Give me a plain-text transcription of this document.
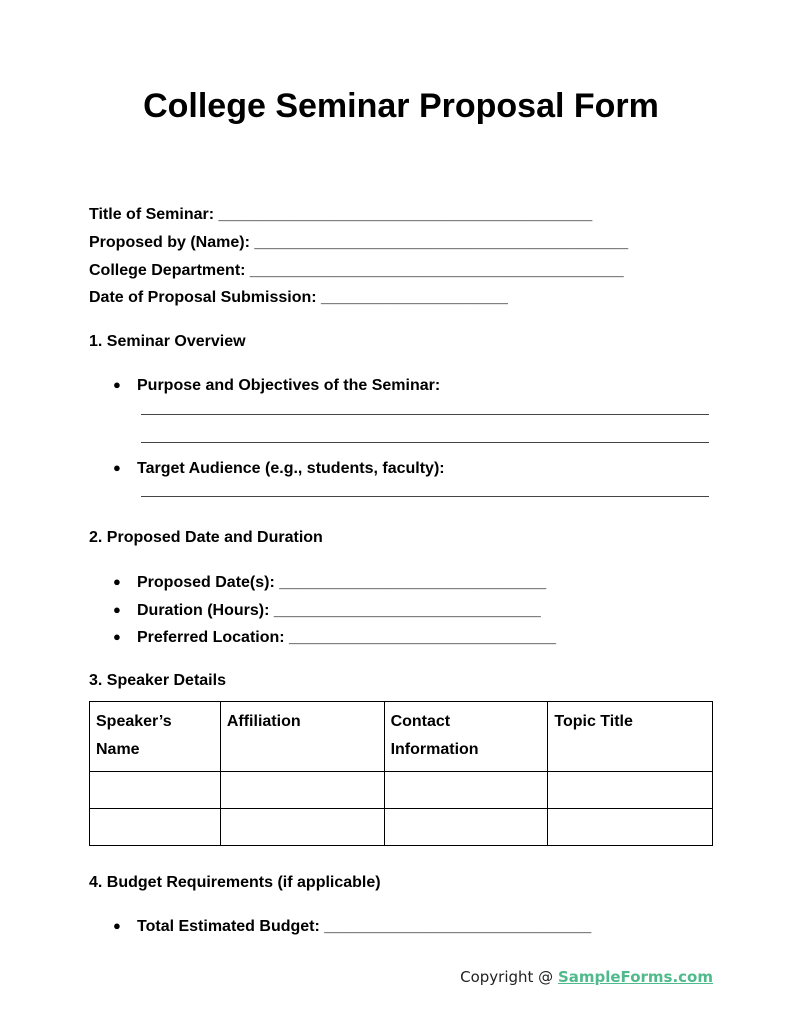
College Seminar Proposal Form
Title of Seminar: __________________________________________
Proposed by (Name): __________________________________________
College Department: __________________________________________
Date of Proposal Submission: _____________________
1. Seminar Overview
● Purpose and Objectives of the Seminar:
● Target Audience (e.g., students, faculty):
2. Proposed Date and Duration
● Proposed Date(s): ______________________________
● Duration (Hours): ______________________________
● Preferred Location: ______________________________
3. Speaker Details
Speaker’s Name	Affiliation	Contact Information	Topic Title

4. Budget Requirements (if applicable)
● Total Estimated Budget: ______________________________
Copyright @ SampleForms.com
